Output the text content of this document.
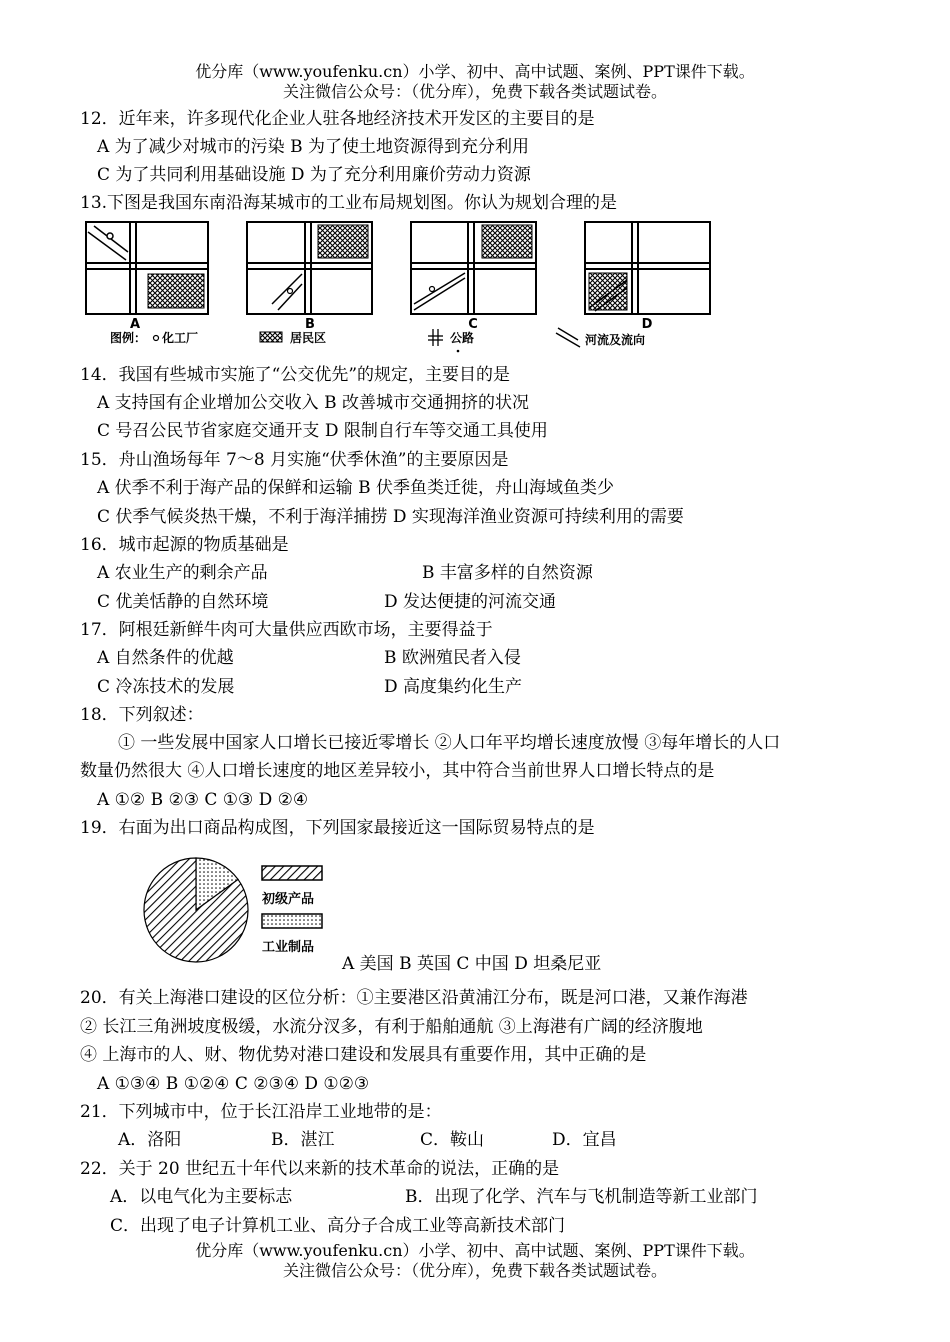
优分库（www.youfenku.cn）小学、初中、高中试题、案例、PPT课件下载。
关注微信公众号：（优分库），免费下载各类试题试卷。
12．近年来，许多现代化企业人驻各地经济技术开发区的主要目的是
A 为了减少对城市的污染 B 为了使土地资源得到充分利用
C 为了共同利用基础设施 D 为了充分利用廉价劳动力资源
13.下图是我国东南沿海某城市的工业布局规划图。你认为规划合理的是
A	B	C	D
图例： 化工厂	居民区	公路	河流及流向
14．我国有些城市实施了“公交优先”的规定，主要目的是
A 支持国有企业增加公交收入 B 改善城市交通拥挤的状况
C 号召公民节省家庭交通开支 D 限制自行车等交通工具使用
15．舟山渔场每年 7～8 月实施“伏季休渔”的主要原因是
A 伏季不利于海产品的保鲜和运输 B 伏季鱼类迁徙，舟山海域鱼类少
C 伏季气候炎热干燥，不利于海洋捕捞 D 实现海洋渔业资源可持续利用的需要
16．城市起源的物质基础是
A 农业生产的剩余产品	B 丰富多样的自然资源
C 优美恬静的自然环境	D 发达便捷的河流交通
17．阿根廷新鲜牛肉可大量供应西欧市场，主要得益于
A 自然条件的优越	B 欧洲殖民者入侵
C 冷冻技术的发展	D 高度集约化生产
18．下列叙述：
① 一些发展中国家人口增长已接近零增长 ②人口年平均增长速度放慢 ③每年增长的人口
数量仍然很大 ④人口增长速度的地区差异较小，其中符合当前世界人口增长特点的是
A ①② B ②③ C ①③ D ②④
19．右面为出口商品构成图，下列国家最接近这一国际贸易特点的是
初级产品
工业制品
A 美国 B 英国 C 中国 D 坦桑尼亚
20．有关上海港口建设的区位分析：①主要港区沿黄浦江分布，既是河口港，又兼作海港
② 长江三角洲坡度极缓，水流分汊多，有利于船舶通航 ③上海港有广阔的经济腹地
④ 上海市的人、财、物优势对港口建设和发展具有重要作用，其中正确的是
A ①③④ B ①②④ C ②③④ D ①②③
21．下列城市中，位于长江沿岸工业地带的是：
A．洛阳	B．湛江	C．鞍山	D．宜昌
22．关于 20 世纪五十年代以来新的技术革命的说法，正确的是
A．以电气化为主要标志	B．出现了化学、汽车与飞机制造等新工业部门
C．出现了电子计算机工业、高分子合成工业等高新技术部门
优分库（www.youfenku.cn）小学、初中、高中试题、案例、PPT课件下载。
关注微信公众号：（优分库），免费下载各类试题试卷。
